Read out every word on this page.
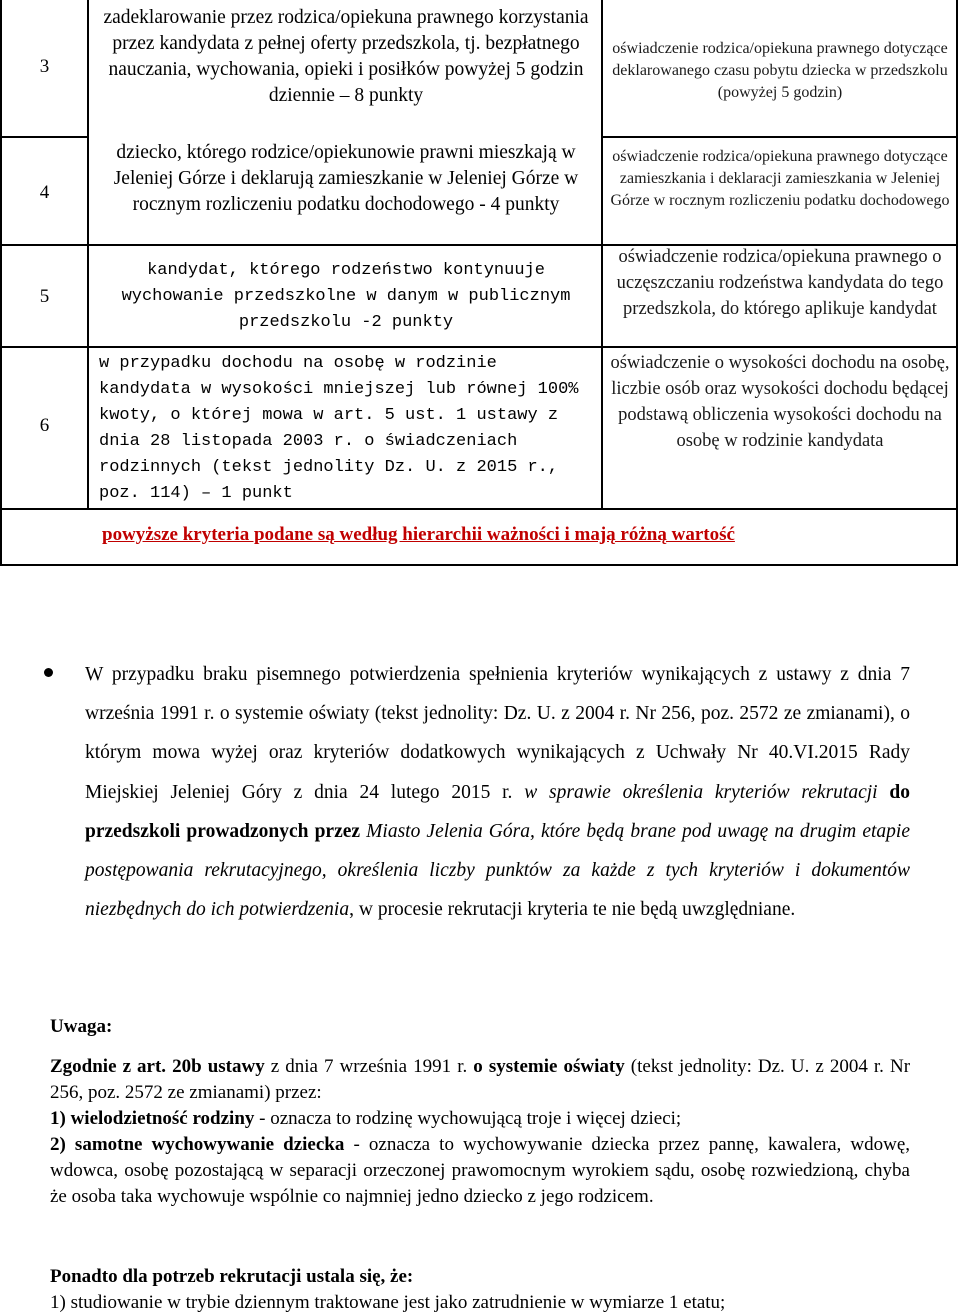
3
4
5
6
zadeklarowanie przez rodzica/opiekuna prawnego korzystania przez kandydata z pełnej oferty przedszkola, tj. bezpłatnego nauczania, wychowania, opieki i posiłków powyżej 5 godzin dziennie – 8 punkty
dziecko, którego rodzice/opiekunowie prawni mieszkają w Jeleniej Górze i deklarują zamieszkanie w Jeleniej Górze w rocznym rozliczeniu podatku dochodowego - 4 punkty
kandydat, którego rodzeństwo kontynuuje wychowanie przedszkolne w danym w publicznym przedszkolu -2 punkty
w przypadku dochodu na osobę w rodzinie kandydata w wysokości mniejszej lub równej 100% kwoty, o której mowa w art. 5 ust. 1 ustawy z dnia 28 listopada 2003 r. o świadczeniach rodzinnych (tekst jednolity Dz. U. z 2015 r., poz. 114) – 1 punkt
oświadczenie rodzica/opiekuna prawnego dotyczące deklarowanego czasu pobytu dziecka w przedszkolu (powyżej 5 godzin)
oświadczenie rodzica/opiekuna prawnego dotyczące zamieszkania i deklaracji zamieszkania w Jeleniej Górze w rocznym rozliczeniu podatku dochodowego
oświadczenie rodzica/opiekuna prawnego o uczęszczaniu rodzeństwa kandydata do tego przedszkola, do którego aplikuje kandydat
oświadczenie o wysokości dochodu na osobę, liczbie osób oraz wysokości dochodu będącej podstawą obliczenia wysokości dochodu na osobę w rodzinie kandydata
powyższe kryteria podane są według hierarchii ważności i mają różną wartość
W przypadku braku pisemnego potwierdzenia spełnienia kryteriów wynikających z ustawy z dnia 7 września 1991 r. o systemie oświaty (tekst jednolity: Dz. U. z 2004 r. Nr 256, poz. 2572 ze zmianami), o którym mowa wyżej oraz kryteriów dodatkowych wynikających z Uchwały Nr 40.VI.2015 Rady Miejskiej Jeleniej Góry z dnia 24 lutego 2015 r. w sprawie określenia kryteriów rekrutacji do przedszkoli prowadzonych przez Miasto Jelenia Góra, które będą brane pod uwagę na drugim etapie postępowania rekrutacyjnego, określenia liczby punktów za każde z tych kryteriów i dokumentów niezbędnych do ich potwierdzenia, w procesie rekrutacji kryteria te nie będą uwzględniane.
Uwaga:
Zgodnie z art. 20b ustawy z dnia 7 września 1991 r. o systemie oświaty (tekst jednolity: Dz. U. z 2004 r. Nr 256, poz. 2572 ze zmianami) przez:
1) wielodzietność rodziny - oznacza to rodzinę wychowującą troje i więcej dzieci;
2) samotne wychowywanie dziecka - oznacza to wychowywanie dziecka przez pannę, kawalera, wdowę, wdowca, osobę pozostającą w separacji orzeczonej prawomocnym wyrokiem sądu, osobę rozwiedzioną, chyba że osoba taka wychowuje wspólnie co najmniej jedno dziecko z jego rodzicem.
Ponadto dla potrzeb rekrutacji ustala się, że:
1) studiowanie w trybie dziennym traktowane jest jako zatrudnienie w wymiarze 1 etatu;
